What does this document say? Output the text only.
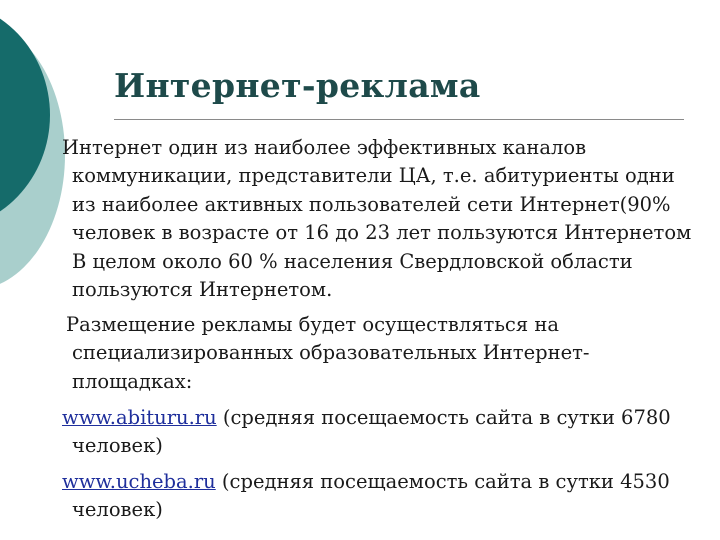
Интернет-реклама
Интернет один из наиболее эффективных каналов
коммуникации, представители ЦА, т.е. абитуриенты одни
из наиболее активных пользователей сети Интернет(90%
человек в возрасте от 16 до 23 лет пользуются Интернетом
В целом около 60 % населения Свердловской области
пользуются Интернетом.
Размещение рекламы будет осуществляться на
специализированных образовательных Интернет-
площадках:
www.abituru.ru (средняя посещаемость сайта в сутки 6780
человек)
www.ucheba.ru (средняя посещаемость сайта в сутки 4530
человек)
